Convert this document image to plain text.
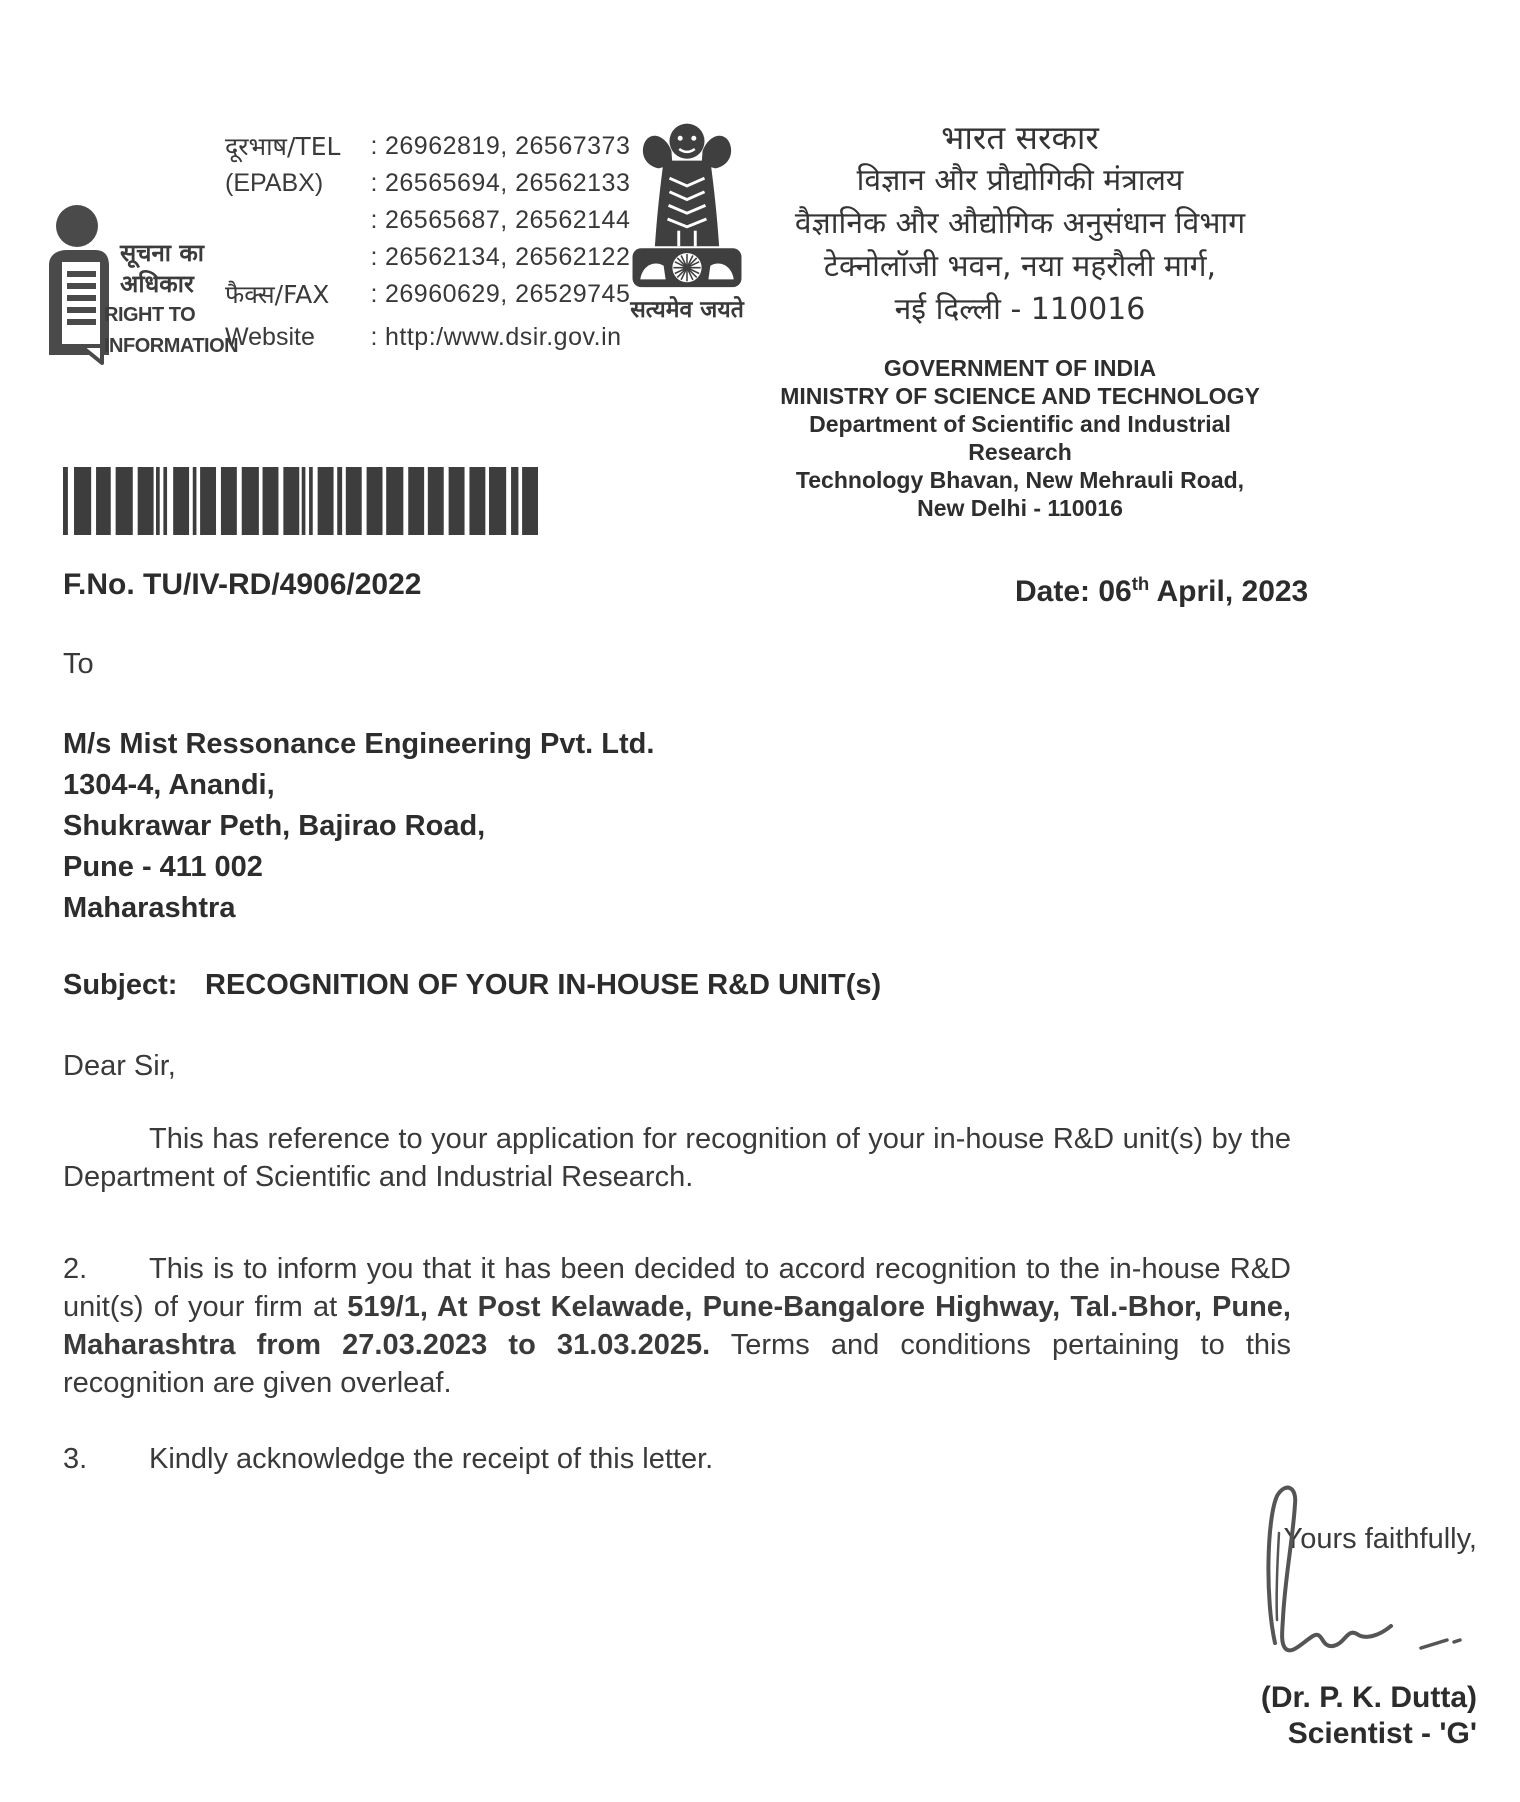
सूचना का
अधिकार
RIGHT TO
INFORMATION
दूरभाष/TEL	: 26962819, 26567373
(EPABX)	: 26565694, 26562133
: 26565687, 26562144
: 26562134, 26562122
फैक्स/FAX	: 26960629, 26529745
Website	: http:/www.dsir.gov.in
सत्यमेव जयते
भारत सरकार
विज्ञान और प्रौद्योगिकी मंत्रालय
वैज्ञानिक और औद्योगिक अनुसंधान विभाग
टेक्नोलॉजी भवन, नया महरौली मार्ग,
नई दिल्ली - 110016
GOVERNMENT OF INDIA
MINISTRY OF SCIENCE AND TECHNOLOGY
Department of Scientific and Industrial Research
Technology Bhavan, New Mehrauli Road,
New Delhi - 110016
F.No. TU/IV-RD/4906/2022	Date: 06th April, 2023
To
M/s Mist Ressonance Engineering Pvt. Ltd.
1304-4, Anandi,
Shukrawar Peth, Bajirao Road,
Pune - 411 002
Maharashtra
Subject: RECOGNITION OF YOUR IN-HOUSE R&D UNIT(s)
Dear Sir,

This has reference to your application for recognition of your in-house R&D unit(s) by the Department of Scientific and Industrial Research.

2. This is to inform you that it has been decided to accord recognition to the in-house R&D unit(s) of your firm at 519/1, At Post Kelawade, Pune-Bangalore Highway, Tal.-Bhor, Pune, Maharashtra from 27.03.2023 to 31.03.2025. Terms and conditions pertaining to this recognition are given overleaf.

3. Kindly acknowledge the receipt of this letter.

Yours faithfully,
(Dr. P. K. Dutta)
Scientist - 'G'
